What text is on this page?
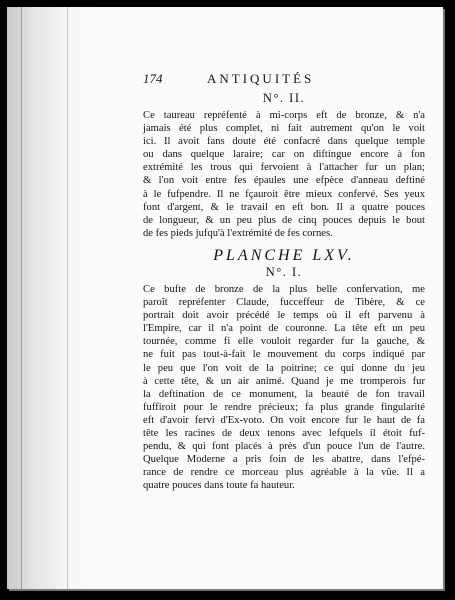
174	ANTIQUITÉS
N°. II.

Ce taureau repréfenté à mi-corps eft de bronze, & n'a
jamais été plus complet, ni fait autrement qu'on le voit
ici. Il avoit fans doute été confacré dans quelque temple
ou dans quelque laraire; car on diftingue encore à fon
extrémité les trous qui fervoient à l'attacher fur un plan;
& l'on voit entre fes épaules une efpèce d'anneau deftiné
à le fufpendre. Il ne fçauroit être mieux confervé. Ses yeux
font d'argent, & le travail en eft bon. Il a quatre pouces
de longueur, & un peu plus de cinq pouces depuis le bout
de fes pieds jufqu'à l'extrémité de fes cornes.

PLANCHE LXV.
N°. I.

Ce bufte de bronze de la plus belle confervation, me
paroît repréfenter Claude, fucceffeur de Tibère, & ce
portrait doit avoir précédé le temps où il eft parvenu à
l'Empire, car il n'a point de couronne. La tête eft un peu
tournée, comme fi elle vouloit regarder fur la gauche, &
ne fuit pas tout-à-fait le mouvement du corps indiqué par
le peu que l'on voit de la poitrine; ce qui donne du jeu
à cette tête, & un air animé. Quand je me tromperois fur
la deftination de ce monument, la beauté de fon travail
fuffiroit pour le rendre précieux; fa plus grande fingularité
eft d'avoir fervi d'Ex-voto. On voit encore fur le haut de fa
tête les racines de deux tenons avec lefquels il étoit fuf-
pendu, & qui font placés à près d'un pouce l'un de l'autre.
Quelque Moderne a pris foin de les abattre, dans l'efpé-
rance de rendre ce morceau plus agréable à la vûe. Il a
quatre pouces dans toute fa hauteur.
